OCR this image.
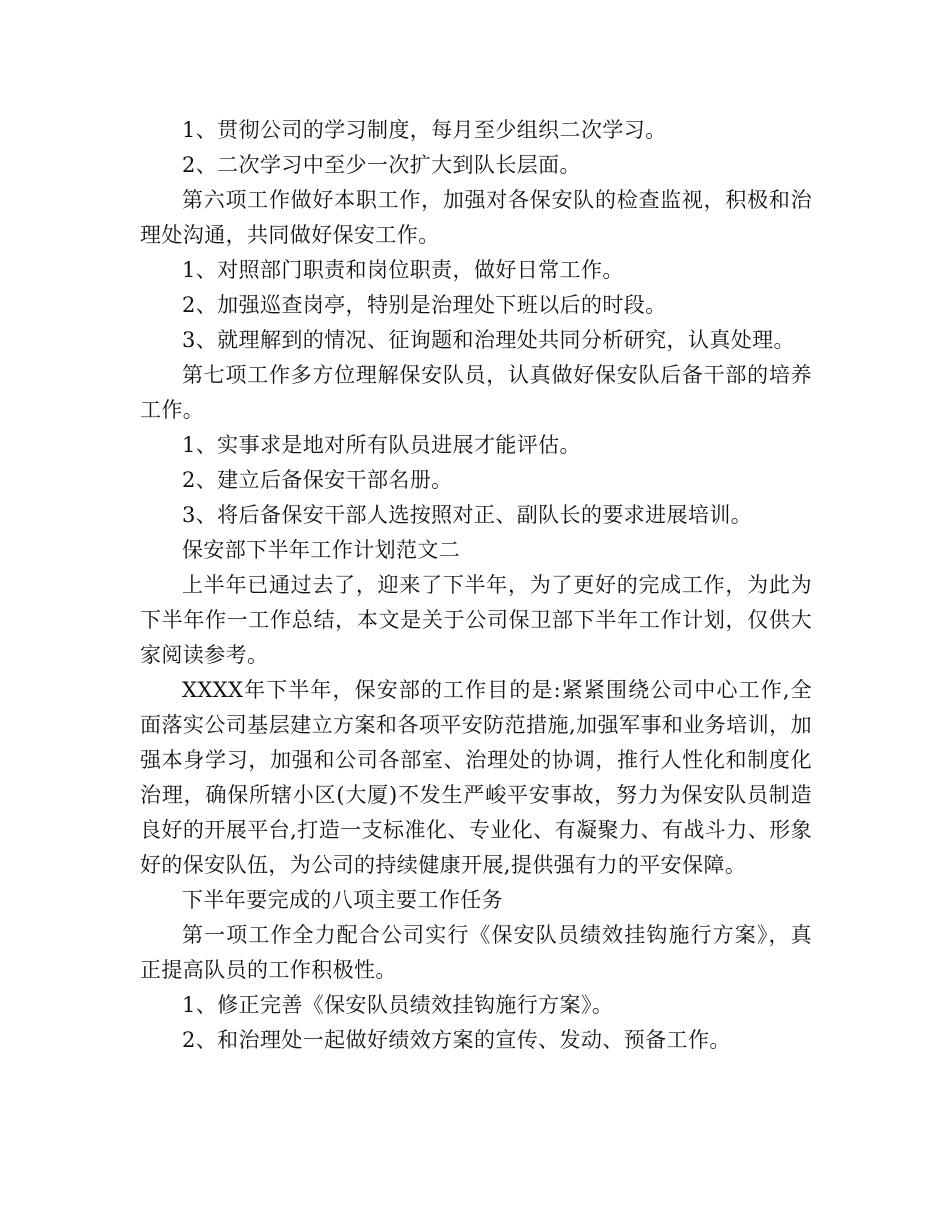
1、贯彻公司的学习制度，每月至少组织二次学习。

2、二次学习中至少一次扩大到队长层面。

第六项工作做好本职工作，加强对各保安队的检查监视，积极和治理处沟通，共同做好保安工作。

1、对照部门职责和岗位职责，做好日常工作。

2、加强巡查岗亭，特别是治理处下班以后的时段。

3、就理解到的情况、征询题和治理处共同分析研究，认真处理。

第七项工作多方位理解保安队员，认真做好保安队后备干部的培养工作。

1、实事求是地对所有队员进展才能评估。

2、建立后备保安干部名册。

3、将后备保安干部人选按照对正、副队长的要求进展培训。

保安部下半年工作计划范文二

上半年已通过去了，迎来了下半年，为了更好的完成工作，为此为下半年作一工作总结，本文是关于公司保卫部下半年工作计划，仅供大家阅读参考。

XXXX年下半年，保安部的工作目的是:紧紧围绕公司中心工作,全面落实公司基层建立方案和各项平安防范措施,加强军事和业务培训，加强本身学习，加强和公司各部室、治理处的协调，推行人性化和制度化治理，确保所辖小区(大厦)不发生严峻平安事故，努力为保安队员制造良好的开展平台,打造一支标准化、专业化、有凝聚力、有战斗力、形象好的保安队伍，为公司的持续健康开展,提供强有力的平安保障。

下半年要完成的八项主要工作任务

第一项工作全力配合公司实行《保安队员绩效挂钩施行方案》，真正提高队员的工作积极性。

1、修正完善《保安队员绩效挂钩施行方案》。

2、和治理处一起做好绩效方案的宣传、发动、预备工作。
